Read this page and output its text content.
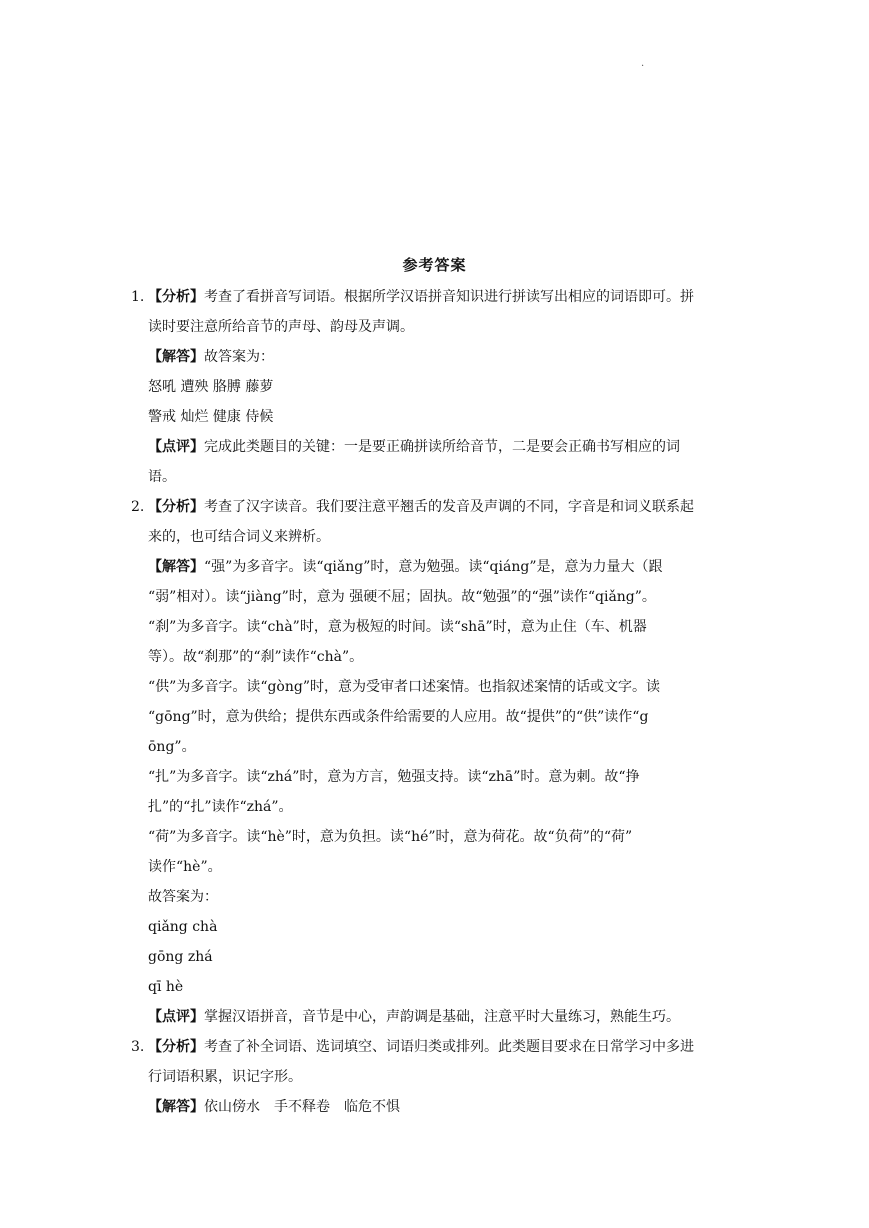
.
参考答案
1. 【分析】考查了看拼音写词语。根据所学汉语拼音知识进行拼读写出相应的词语即可。拼
读时要注意所给音节的声母、韵母及声调。
【解答】故答案为：
怒吼 遭殃 胳膊 藤萝
警戒 灿烂 健康 侍候
【点评】完成此类题目的关键：一是要正确拼读所给音节，二是要会正确书写相应的词
语。
2. 【分析】考查了汉字读音。我们要注意平翘舌的发音及声调的不同，字音是和词义联系起
来的，也可结合词义来辨析。
【解答】“强”为多音字。读“qiǎng”时，意为勉强。读“qiáng”是，意为力量大（跟
“弱”相对）。读“jiàng”时，意为 强硬不屈；固执。故“勉强”的“强”读作“qiǎng”。
“刹”为多音字。读“chà”时，意为极短的时间。读“shā”时，意为止住（车、机器
等）。故“刹那”的“刹”读作“chà”。
“供”为多音字。读“gòng”时，意为受审者口述案情。也指叙述案情的话或文字。读
“gōng”时，意为供给；提供东西或条件给需要的人应用。故“提供”的“供”读作“g
ōng”。
“扎”为多音字。读“zhá”时，意为方言，勉强支持。读“zhā”时。意为刺。故“挣
扎”的“扎”读作“zhá”。
“荷”为多音字。读“hè”时，意为负担。读“hé”时，意为荷花。故“负荷”的“荷”
读作“hè”。
故答案为：
qiǎng chà
gōng zhá
qī hè
【点评】掌握汉语拼音，音节是中心，声韵调是基础，注意平时大量练习，熟能生巧。
3. 【分析】考查了补全词语、选词填空、词语归类或排列。此类题目要求在日常学习中多进
行词语积累，识记字形。
【解答】依山傍水　手不释卷　临危不惧
